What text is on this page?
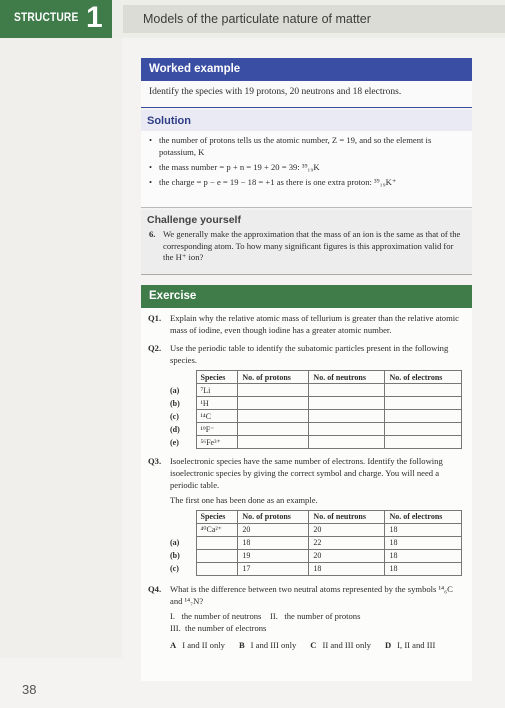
STRUCTURE 1	Models of the particulate nature of matter
Worked example
Identify the species with 19 protons, 20 neutrons and 18 electrons.
Solution
• the number of protons tells us the atomic number, Z = 19, and so the element is potassium, K
• the mass number = p + n = 19 + 20 = 39: ³⁹₁₉K
• the charge = p − e = 19 − 18 = +1 as there is one extra proton: ³⁹₁₉K⁺
Challenge yourself
6. We generally make the approximation that the mass of an ion is the same as that of the corresponding atom. To how many significant figures is this approximation valid for the H⁺ ion?
Exercise
Q1.	Explain why the relative atomic mass of tellurium is greater than the relative atomic mass of iodine, even though iodine has a greater atomic number.
Q2.	Use the periodic table to identify the subatomic particles present in the following species.
	Species	No. of protons	No. of neutrons	No. of electrons
(a)	⁷Li			
(b)	¹H			
(c)	¹⁴C			
(d)	¹⁹F⁻			
(e)	⁵⁶Fe³⁺			
Q3.	Isoelectronic species have the same number of electrons. Identify the following isoelectronic species by giving the correct symbol and charge. You will need a periodic table.
The first one has been done as an example.
	Species	No. of protons	No. of neutrons	No. of electrons
	⁴⁰Ca²⁺	20	20	18
(a)		18	22	18
(b)		19	20	18
(c)		17	18	18
Q4.	What is the difference between two neutral atoms represented by the symbols ¹⁴₆C and ¹⁴₇N?
I.   the number of neutrons    II.   the number of protons
III.  the number of electrons
A I and II only B I and III only C II and III only D I, II and III
38
